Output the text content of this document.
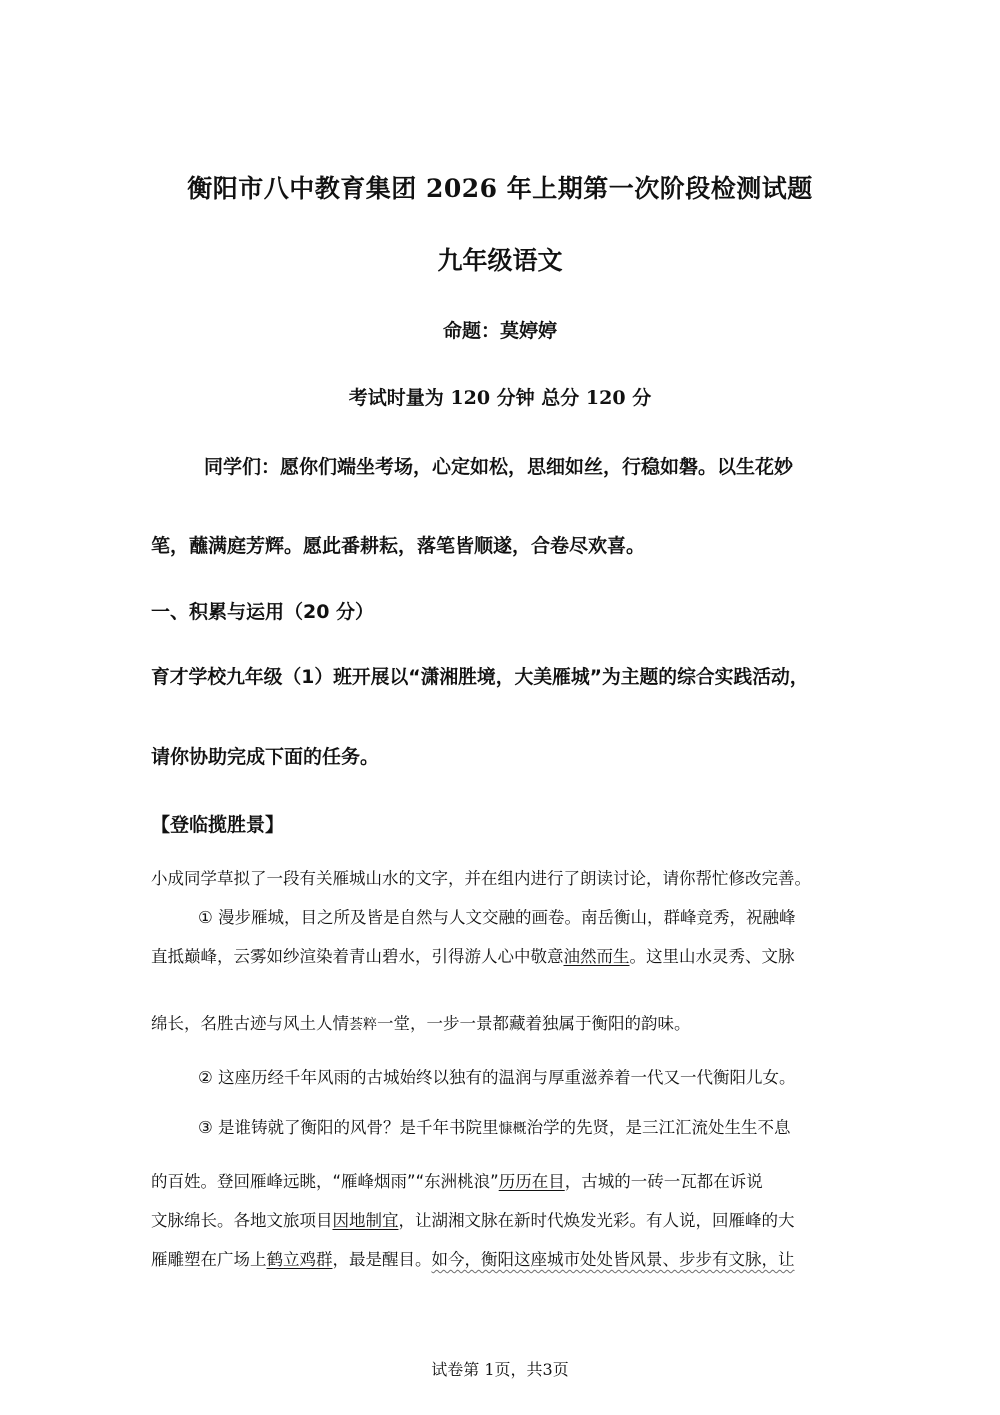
衡阳市八中教育集团 2026 年上期第一次阶段检测试题
九年级语文
命题：莫婷婷
考试时量为 120 分钟 总分 120 分
同学们：愿你们端坐考场，心定如松，思细如丝，行稳如磐。以生花妙
笔，蘸满庭芳辉。愿此番耕耘，落笔皆顺遂，合卷尽欢喜。
一、积累与运用（20 分）
育才学校九年级（1）班开展以“潇湘胜境，大美雁城”为主题的综合实践活动，
请你协助完成下面的任务。
【登临揽胜景】
小成同学草拟了一段有关雁城山水的文字，并在组内进行了朗读讨论，请你帮忙修改完善。
① 漫步雁城，目之所及皆是自然与人文交融的画卷。南岳衡山，群峰竞秀，祝融峰
直抵巅峰，云雾如纱渲染着青山碧水，引得游人心中敬意油然而生。这里山水灵秀、文脉
绵长，名胜古迹与风土人情荟粹一堂，一步一景都藏着独属于衡阳的韵味。
② 这座历经千年风雨的古城始终以独有的温润与厚重滋养着一代又一代衡阳儿女。
③ 是谁铸就了衡阳的风骨？是千年书院里慷概治学的先贤，是三江汇流处生生不息
的百姓。登回雁峰远眺，“雁峰烟雨”“东洲桃浪”历历在目，古城的一砖一瓦都在诉说
文脉绵长。各地文旅项目因地制宜，让湖湘文脉在新时代焕发光彩。有人说，回雁峰的大
雁雕塑在广场上鹤立鸡群，最是醒目。如今，衡阳这座城市处处皆风景、步步有文脉，让
试卷第 1页，共3页
